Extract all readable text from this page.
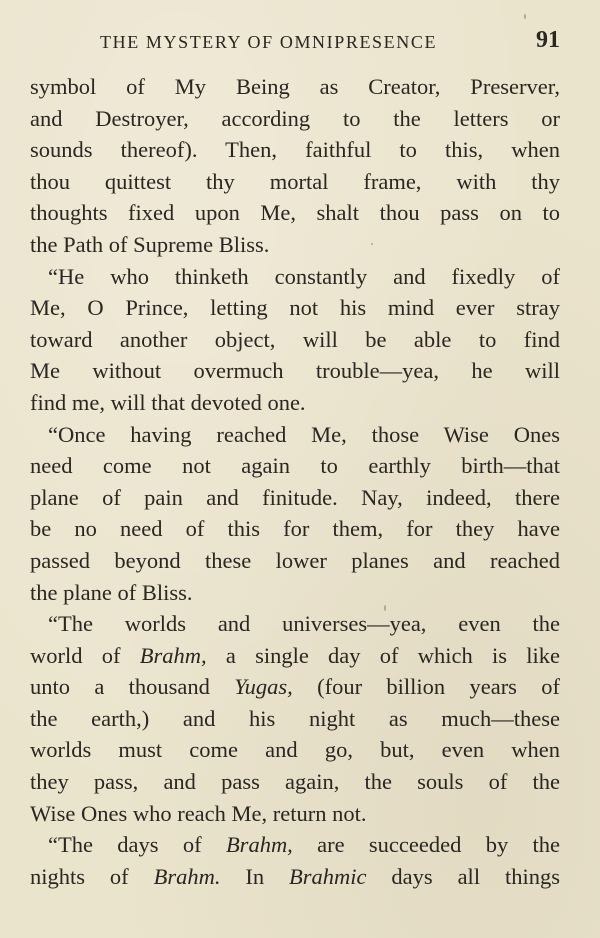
THE MYSTERY OF OMNIPRESENCE	91
symbol of My Being as Creator, Preserver,
and Destroyer, according to the letters or
sounds thereof). Then, faithful to this, when
thou quittest thy mortal frame, with thy
thoughts fixed upon Me, shalt thou pass on to
the Path of Supreme Bliss.
“He who thinketh constantly and fixedly of
Me, O Prince, letting not his mind ever stray
toward another object, will be able to find
Me without overmuch trouble—yea, he will
find me, will that devoted one.
“Once having reached Me, those Wise Ones
need come not again to earthly birth—that
plane of pain and finitude. Nay, indeed, there
be no need of this for them, for they have
passed beyond these lower planes and reached
the plane of Bliss.
“The worlds and universes—yea, even the
world of Brahm, a single day of which is like
unto a thousand Yugas, (four billion years of
the earth,) and his night as much—these
worlds must come and go, but, even when
they pass, and pass again, the souls of the
Wise Ones who reach Me, return not.
“The days of Brahm, are succeeded by the
nights of Brahm. In Brahmic days all things
